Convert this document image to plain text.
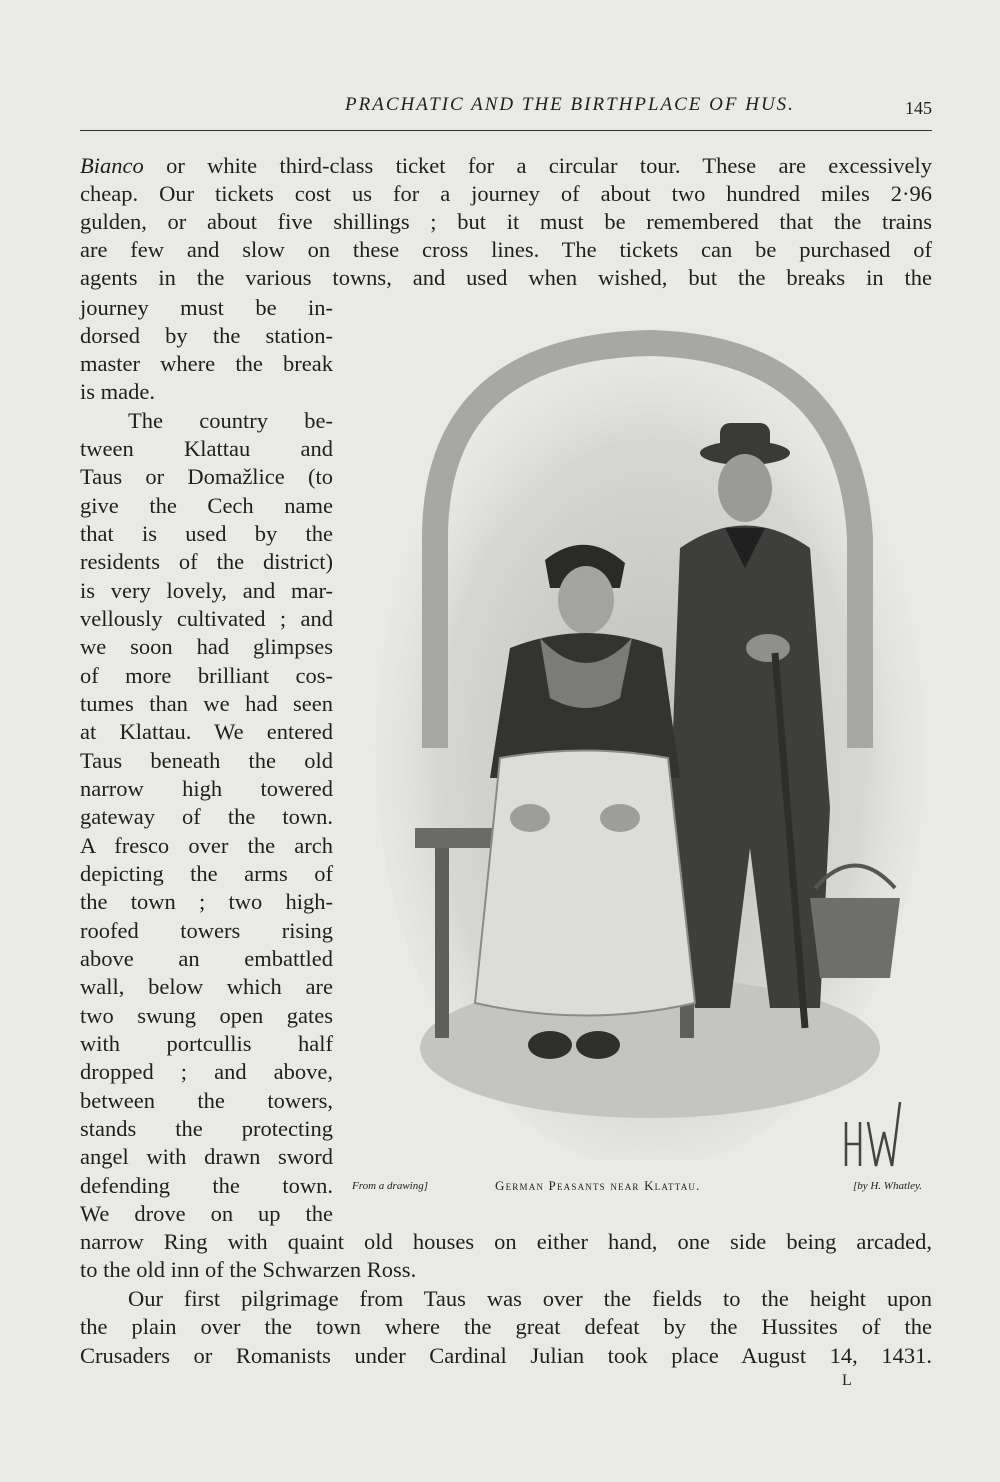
PRACHATIC AND THE BIRTHPLACE OF HUS.	145
Bianco or white third-class ticket for a circular tour. These are excessively
cheap. Our tickets cost us for a journey of about two hundred miles 2·96
gulden, or about five shillings ; but it must be remembered that the trains
are few and slow on these cross lines. The tickets can be purchased of
agents in the various towns, and used when wished, but the breaks in the
journey must be in-
dorsed by the station-
master where the break
is made.
The country be-
tween Klattau and
Taus or Domažlice (to
give the Cech name
that is used by the
residents of the district)
is very lovely, and mar-
vellously cultivated ; and
we soon had glimpses
of more brilliant cos-
tumes than we had seen
at Klattau. We entered
Taus beneath the old
narrow high towered
gateway of the town.
A fresco over the arch
depicting the arms of
the town ; two high-
roofed towers rising
above an embattled
wall, below which are
two swung open gates
with portcullis half
dropped ; and above,
between the towers,
stands the protecting
angel with drawn sword
defending the town.
We drove on up the
narrow Ring with quaint old houses on either hand, one side being arcaded,
to the old inn of the Schwarzen Ross.
Our first pilgrimage from Taus was over the fields to the height upon
the plain over the town where the great defeat by the Hussites of the
Crusaders or Romanists under Cardinal Julian took place August 14, 1431.
From a drawing]	German Peasants near Klattau.	[by H. Whatley.
L
